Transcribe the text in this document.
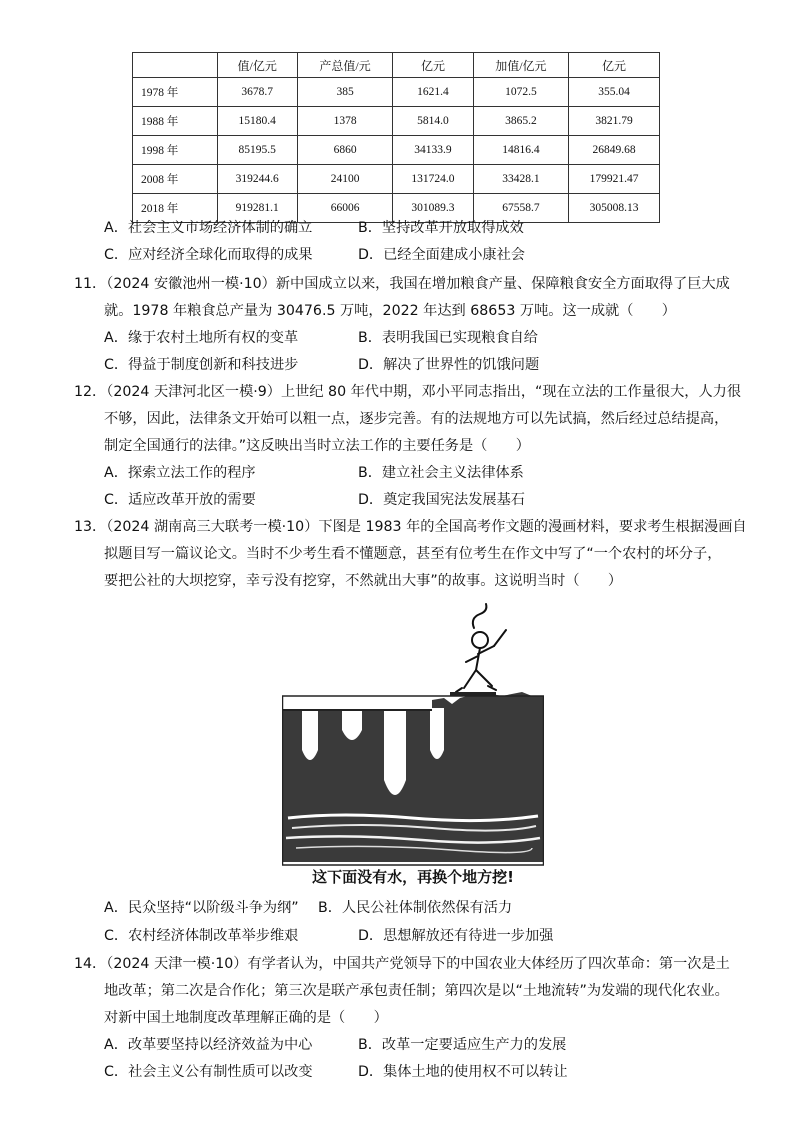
	值/亿元	产总值/元	亿元	加值/亿元	亿元
1978 年	3678.7	385	1621.4	1072.5	355.04
1988 年	15180.4	1378	5814.0	3865.2	3821.79
1998 年	85195.5	6860	34133.9	14816.4	26849.68
2008 年	319244.6	24100	131724.0	33428.1	179921.47
2018 年	919281.1	66006	301089.3	67558.7	305008.13
A．社会主义市场经济体制的确立	B．坚持改革开放取得成效
C．应对经济全球化而取得的成果	D．已经全面建成小康社会
11．（2024 安徽池州一模·10）新中国成立以来，我国在增加粮食产量、保障粮食安全方面取得了巨大成
就。1978 年粮食总产量为 30476.5 万吨，2022 年达到 68653 万吨。这一成就（　　）
A．缘于农村土地所有权的变革	B．表明我国已实现粮食自给
C．得益于制度创新和科技进步	D．解决了世界性的饥饿问题
12．（2024 天津河北区一模·9）上世纪 80 年代中期，邓小平同志指出，“现在立法的工作量很大，人力很
不够，因此，法律条文开始可以粗一点，逐步完善。有的法规地方可以先试搞，然后经过总结提高，
制定全国通行的法律。”这反映出当时立法工作的主要任务是（　　）
A．探索立法工作的程序	B．建立社会主义法律体系
C．适应改革开放的需要	D．奠定我国宪法发展基石
13．（2024 湖南高三大联考一模·10）下图是 1983 年的全国高考作文题的漫画材料，要求考生根据漫画自
拟题目写一篇议论文。当时不少考生看不懂题意，甚至有位考生在作文中写了“一个农村的坏分子，
要把公社的大坝挖穿，幸亏没有挖穿，不然就出大事”的故事。这说明当时（　　）
这下面没有水，再换个地方挖!
A．民众坚持“以阶级斗争为纲” B．人民公社体制依然保有活力
C．农村经济体制改革举步维艰	D．思想解放还有待进一步加强
14．（2024 天津一模·10）有学者认为，中国共产党领导下的中国农业大体经历了四次革命：第一次是土
地改革；第二次是合作化；第三次是联产承包责任制；第四次是以“土地流转”为发端的现代化农业。
对新中国土地制度改革理解正确的是（　　）
A．改革要坚持以经济效益为中心	B．改革一定要适应生产力的发展
C．社会主义公有制性质可以改变	D．集体土地的使用权不可以转让
